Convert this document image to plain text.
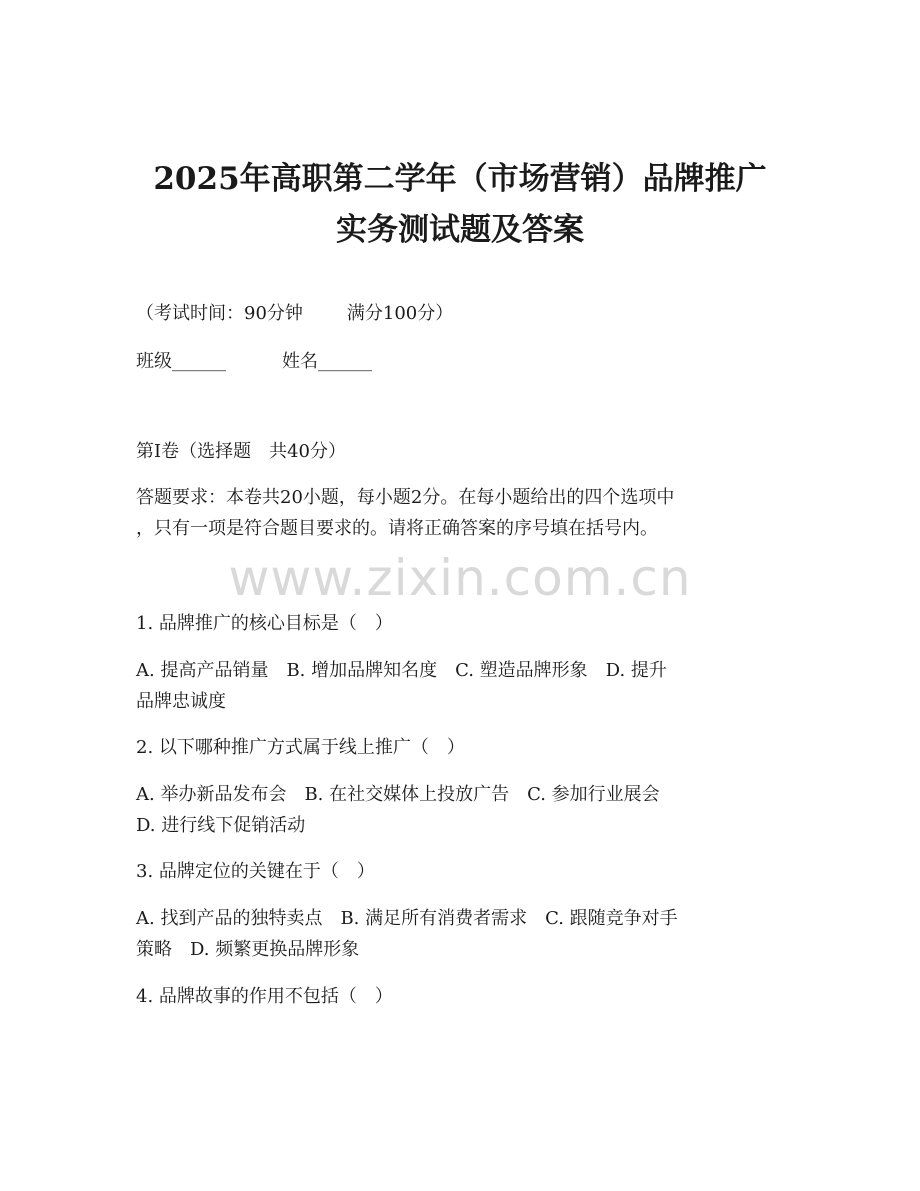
2025年高职第二学年（市场营销）品牌推广
实务测试题及答案
（考试时间：90分钟 满分100分）
班级______	姓名______
第I卷（选择题　共40分）
答题要求：本卷共20小题，每小题2分。在每小题给出的四个选项中
，只有一项是符合题目要求的。请将正确答案的序号填在括号内。
www.zixin.com.cn
1. 品牌推广的核心目标是（　）
A. 提高产品销量　B. 增加品牌知名度　C. 塑造品牌形象　D. 提升
品牌忠诚度
2. 以下哪种推广方式属于线上推广（　）
A. 举办新品发布会　B. 在社交媒体上投放广告　C. 参加行业展会
D. 进行线下促销活动
3. 品牌定位的关键在于（　）
A. 找到产品的独特卖点　B. 满足所有消费者需求　C. 跟随竞争对手
策略　D. 频繁更换品牌形象
4. 品牌故事的作用不包括（　）
